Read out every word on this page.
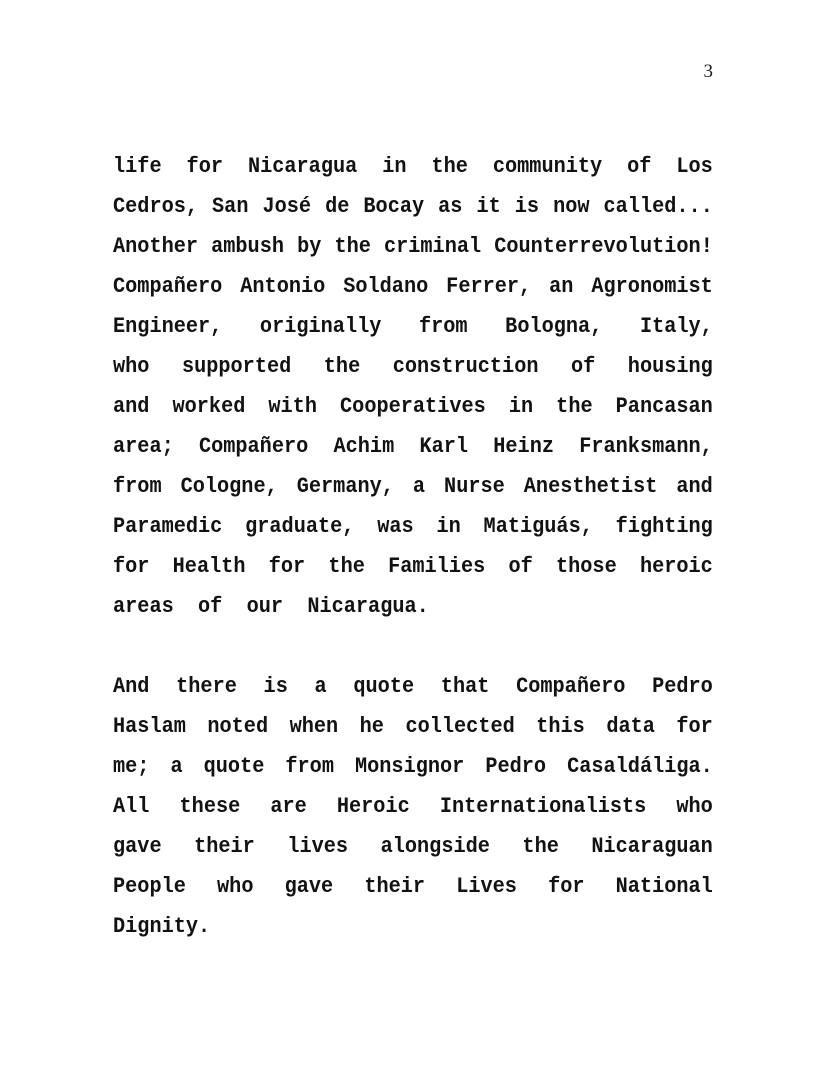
3
life for Nicaragua in the community of Los
Cedros, San José de Bocay as it is now called...
Another ambush by the criminal Counterrevolution!
Compañero Antonio Soldano Ferrer, an Agronomist
Engineer, originally from Bologna, Italy,
who supported the construction of housing
and worked with Cooperatives in the Pancasan
area; Compañero Achim Karl Heinz Franksmann,
from Cologne, Germany, a Nurse Anesthetist and
Paramedic graduate, was in Matiguás, fighting
for Health for the Families of those heroic
areas of our Nicaragua.
And there is a quote that Compañero Pedro
Haslam noted when he collected this data for
me; a quote from Monsignor Pedro Casaldáliga.
All these are Heroic Internationalists who
gave their lives alongside the Nicaraguan
People who gave their Lives for National
Dignity.
